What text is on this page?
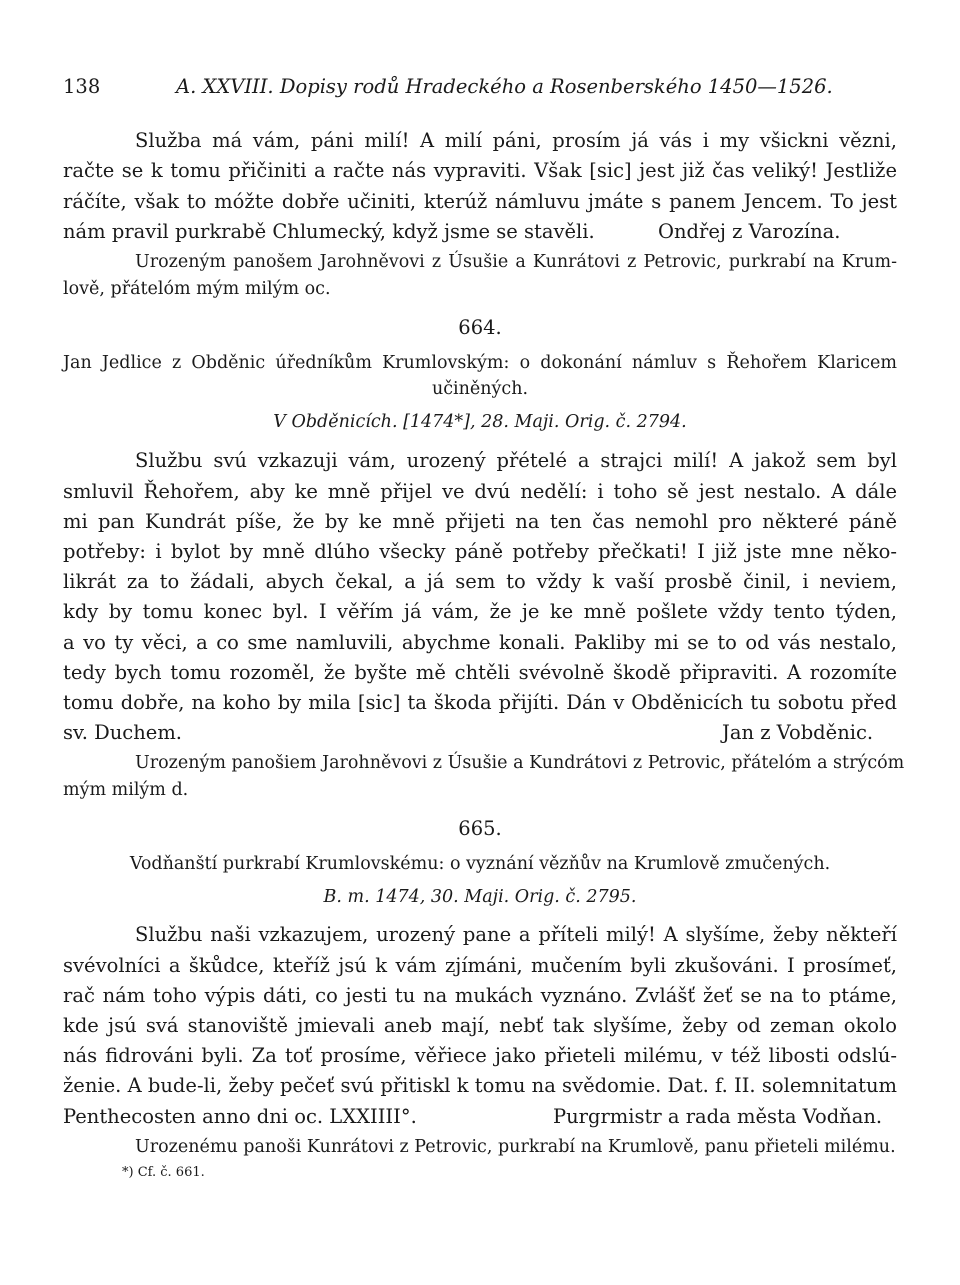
138	A. XXVIII. Dopisy rodů Hradeckého a Rosenberského 1450—1526.
Služba má vám, páni milí! A milí páni, prosím já vás i my všickni vězni,
račte se k tomu přičiniti a račte nás vypraviti. Však [sic] jest již čas veliký! Jestliže
ráčíte, však to móžte dobře učiniti, kterúž námluvu jmáte s panem Jencem. To jest
nám pravil purkrabě Chlumecký, když jsme se stavěli.	Ondřej z Varozína.
Urozeným panošem Jarohněvovi z Úsušie a Kunrátovi z Petrovic, purkrabí na Krum-
lově, přátelóm mým milým oc.
664.
Jan Jedlice z Obděnic úředníkům Krumlovským: o dokonání námluv s Řehořem Klaricem
učiněných.
V Obděnicích. [1474*], 28. Maji. Orig. č. 2794.
Službu svú vzkazuji vám, urozený přételé a strajci milí! A jakož sem byl
smluvil Řehořem, aby ke mně přijel ve dvú nedělí: i toho sě jest nestalo. A dále
mi pan Kundrát píše, že by ke mně přijeti na ten čas nemohl pro některé páně
potřeby: i bylot by mně dlúho všecky páně potřeby přečkati! I již jste mne něko-
likrát za to žádali, abych čekal, a já sem to vždy k vaší prosbě činil, i neviem,
kdy by tomu konec byl. I věřím já vám, že je ke mně pošlete vždy tento týden,
a vo ty věci, a co sme namluvili, abychme konali. Pakliby mi se to od vás nestalo,
tedy bych tomu rozoměl, že byšte mě chtěli svévolně škodě připraviti. A rozomíte
tomu dobře, na koho by mila [sic] ta škoda přijíti. Dán v Obděnicích tu sobotu před
sv. Duchem.	Jan z Vobděnic.
Urozeným panošiem Jarohněvovi z Úsušie a Kundrátovi z Petrovic, přátelóm a strýcóm
mým milým d.
665.
Vodňanští purkrabí Krumlovskému: o vyznání vězňův na Krumlově zmučených.
B. m. 1474, 30. Maji. Orig. č. 2795.
Službu naši vzkazujem, urozený pane a příteli milý! A slyšíme, žeby někteří
svévolníci a škůdce, kteříž jsú k vám zjímáni, mučením byli zkušováni. I prosímeť,
rač nám toho výpis dáti, co jesti tu na mukách vyznáno. Zvlášť žeť se na to ptáme,
kde jsú svá stanoviště jmievali aneb mají, nebť tak slyšíme, žeby od zeman okolo
nás fidrováni byli. Za toť prosíme, věřiece jako přieteli milému, v též libosti odslú-
ženie. A bude-li, žeby pečeť svú přitiskl k tomu na svědomie. Dat. f. II. solemnitatum
Penthecosten anno dni oc. LXXIIII°.	Purgrmistr a rada města Vodňan.
Urozenému panoši Kunrátovi z Petrovic, purkrabí na Krumlově, panu přieteli milému.
*) Cf. č. 661.
